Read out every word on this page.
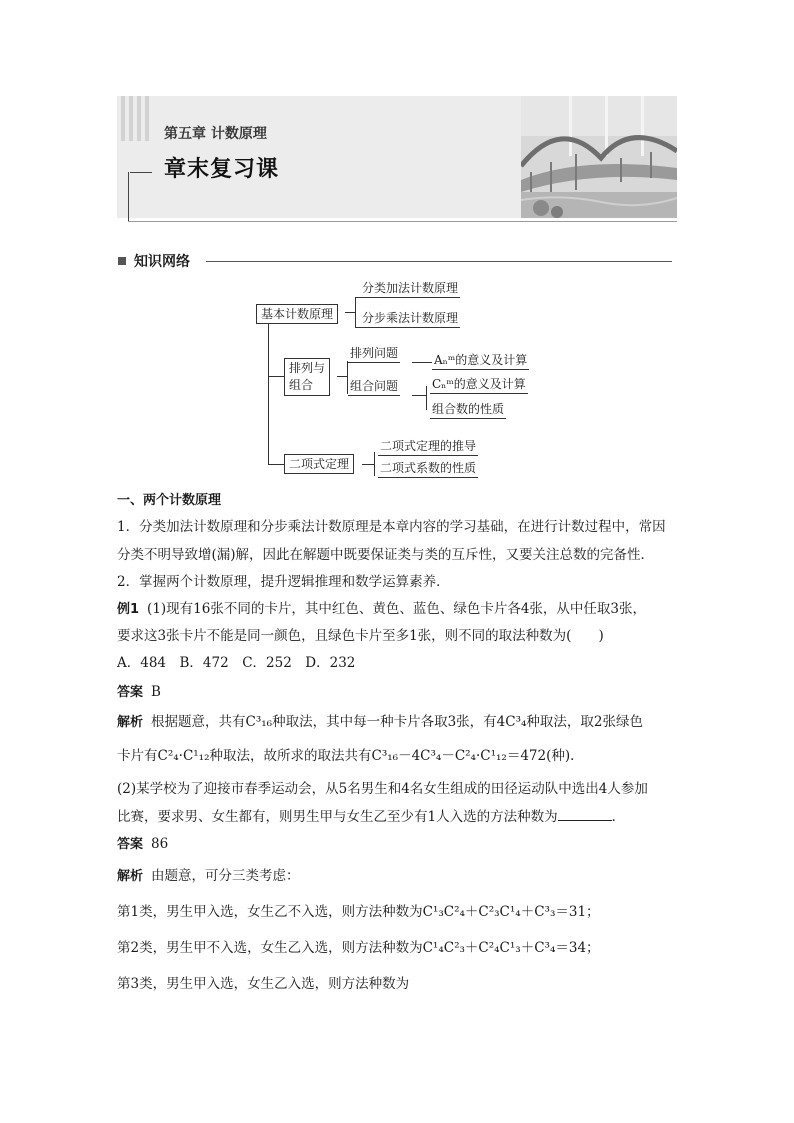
第五章 计数原理
章末复习课
知识网络
基本计数原理
分类加法计数原理
分步乘法计数原理
排列与
组合
排列问题
组合问题
Aₙᵐ的意义及计算
Cₙᵐ的意义及计算
组合数的性质
二项式定理
二项式定理的推导
二项式系数的性质
一、两个计数原理
1．分类加法计数原理和分步乘法计数原理是本章内容的学习基础，在进行计数过程中，常因
分类不明导致增(漏)解，因此在解题中既要保证类与类的互斥性，又要关注总数的完备性．
2．掌握两个计数原理，提升逻辑推理和数学运算素养．
例1 (1)现有16张不同的卡片，其中红色、黄色、蓝色、绿色卡片各4张，从中任取3张，
要求这3张卡片不能是同一颜色，且绿色卡片至多1张，则不同的取法种数为(　　)
A．484　B．472　C．252　D．232
答案 B
解析 根据题意，共有C³₁₆种取法，其中每一种卡片各取3张，有4C³₄种取法，取2张绿色
卡片有C²₄·C¹₁₂种取法，故所求的取法共有C³₁₆－4C³₄－C²₄·C¹₁₂＝472(种)．
(2)某学校为了迎接市春季运动会，从5名男生和4名女生组成的田径运动队中选出4人参加
比赛，要求男、女生都有，则男生甲与女生乙至少有1人入选的方法种数为	．
答案 86
解析 由题意，可分三类考虑：
第1类，男生甲入选，女生乙不入选，则方法种数为C¹₃C²₄＋C²₃C¹₄＋C³₃＝31；
第2类，男生甲不入选，女生乙入选，则方法种数为C¹₄C²₃＋C²₄C¹₃＋C³₄＝34；
第3类，男生甲入选，女生乙入选，则方法种数为
